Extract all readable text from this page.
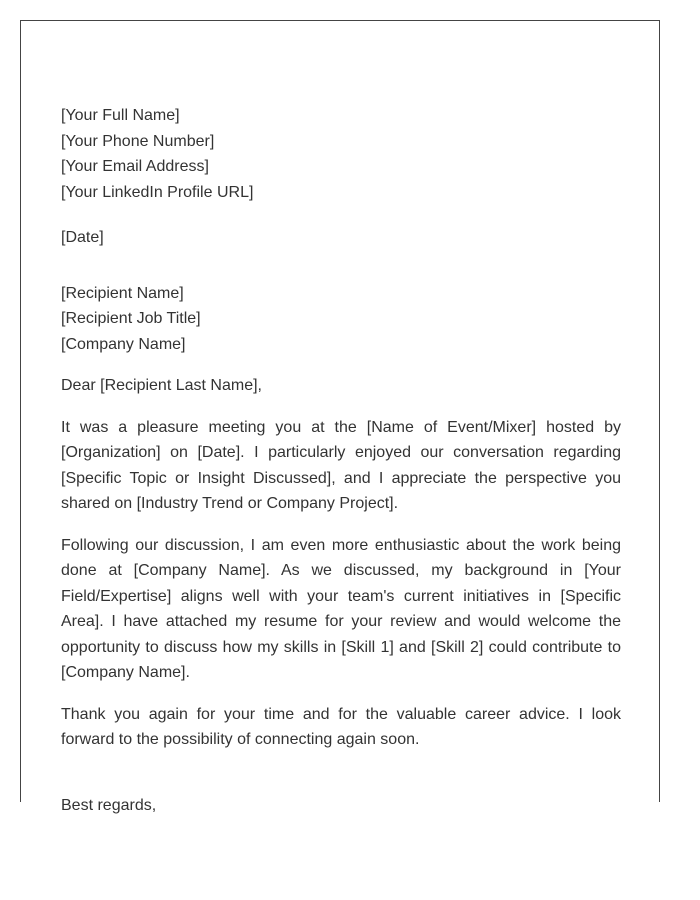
[Your Full Name]
[Your Phone Number]
[Your Email Address]
[Your LinkedIn Profile URL]
[Date]
[Recipient Name]
[Recipient Job Title]
[Company Name]
Dear [Recipient Last Name],

It was a pleasure meeting you at the [Name of Event/Mixer] hosted by [Organization] on [Date]. I particularly enjoyed our conversation regarding [Specific Topic or Insight Discussed], and I appreciate the perspective you shared on [Industry Trend or Company Project].

Following our discussion, I am even more enthusiastic about the work being done at [Company Name]. As we discussed, my background in [Your Field/Expertise] aligns well with your team's current initiatives in [Specific Area]. I have attached my resume for your review and would welcome the opportunity to discuss how my skills in [Skill 1] and [Skill 2] could contribute to [Company Name].

Thank you again for your time and for the valuable career advice. I look forward to the possibility of connecting again soon.

Best regards,
